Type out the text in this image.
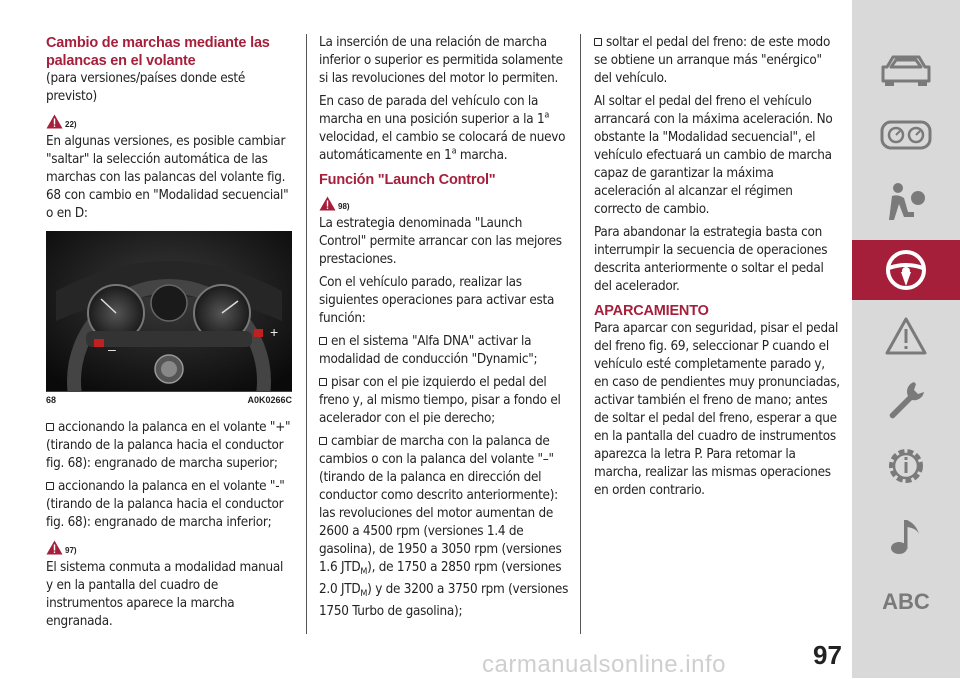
Cambio de marchas mediante las palancas en el volante

(para versiones/países donde esté previsto)

22)

En algunas versiones, es posible cambiar "saltar" la selección automática de las marchas con las palancas del volante fig. 68 con cambio en "Modalidad secuencial" o en D:

–
+
68	A0K0266C

accionando la palanca en el volante "+" (tirando de la palanca hacia el conductor fig. 68): engranado de marcha superior;

accionando la palanca en el volante "-" (tirando de la palanca hacia el conductor fig. 68): engranado de marcha inferior;

97)

El sistema conmuta a modalidad manual y en la pantalla del cuadro de instrumentos aparece la marcha engranada.

La inserción de una relación de marcha inferior o superior es permitida solamente si las revoluciones del motor lo permiten.

En caso de parada del vehículo con la marcha en una posición superior a la 1$^a$ velocidad, el cambio se colocará de nuevo automáticamente en 1$^a$ marcha.

Función "Launch Control"
98)

La estrategia denominada "Launch Control" permite arrancar con las mejores prestaciones.

Con el vehículo parado, realizar las siguientes operaciones para activar esta función:

en el sistema "Alfa DNA" activar la modalidad de conducción "Dynamic";

pisar con el pie izquierdo el pedal del freno y, al mismo tiempo, pisar a fondo el acelerador con el pie derecho;

cambiar de marcha con la palanca de cambios o con la palanca del volante "–" (tirando de la palanca en dirección del conductor como descrito anteriormente): las revoluciones del motor aumentan de 2600 a 4500 rpm (versiones 1.4 de gasolina), de 1950 a 3050 rpm (versiones 1.6 $JTD_M$), de 1750 a 2850 rpm (versiones 2.0 $JTD_M$) y de 3200 a 3750 rpm (versiones 1750 Turbo de gasolina);

soltar el pedal del freno: de este modo se obtiene un arranque más "enérgico" del vehículo.

Al soltar el pedal del freno el vehículo arrancará con la máxima aceleración. No obstante la "Modalidad secuencial", el vehículo efectuará un cambio de marcha capaz de garantizar la máxima aceleración al alcanzar el régimen correcto de cambio.

Para abandonar la estrategia basta con interrumpir la secuencia de operaciones descrita anteriormente o soltar el pedal del acelerador.

APARCAMIENTO

Para aparcar con seguridad, pisar el pedal del freno fig. 69, seleccionar P cuando el vehículo esté completamente parado y, en caso de pendientes muy pronunciadas, activar también el freno de mano; antes de soltar el pedal del freno, esperar a que en la pantalla del cuadro de instrumentos aparezca la letra P. Para retomar la marcha, realizar las mismas operaciones en orden contrario.

ABC
97
carmanualsonline.info
